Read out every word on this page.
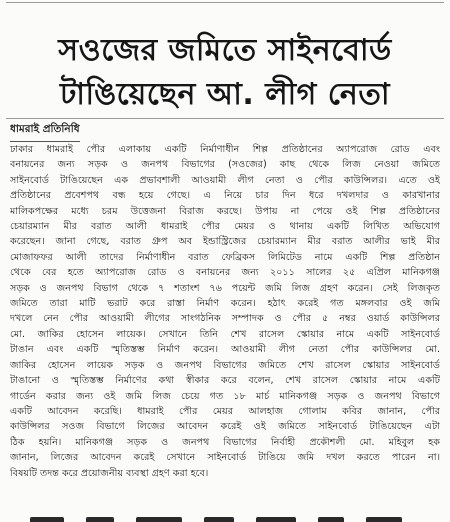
সওজের জমিতে সাইনবোর্ড
টাঙিয়েছেন আ. লীগ নেতা
ধামরাই প্রতিনিধি
ঢাকার ধামরাই পৌর এলাকায় একটি নির্মাণাধীন শিল্প প্রতিষ্ঠানের অ্যাপরোজ রোড এবং
বনায়নের জন্য সড়ক ও জনপথ বিভাগের (সওজের) কাছ থেকে লিজ নেওয়া জমিতে
সাইনবোর্ড টাঙিয়েছেন এক প্রভাবশালী আওয়ামী লীগ নেতা ও পৌর কাউন্সিলর। এতে ওই
প্রতিষ্ঠানের প্রবেশপথ বন্ধ হয়ে গেছে। এ নিয়ে চার দিন ধরে দখলদার ও কারখানার
মালিকপক্ষের মধ্যে চরম উত্তেজনা বিরাজ করছে। উপায় না পেয়ে ওই শিল্প প্রতিষ্ঠানের
চেয়ারম্যান মীর বরাত আলী ধামরাই পৌর মেয়র ও থানায় একটি লিখিত অভিযোগ
করেছেন। জানা গেছে, বরাত গ্রুপ অব ইন্ডাস্ট্রিজের চেয়ারম্যান মীর বরাত আলীর ভাই মীর
মোজাফফর আলী তাদের নির্মাণাধীন বরাত ফেব্রিকস লিমিটেড নামে একটি শিল্প প্রতিষ্ঠান
থেকে বের হতে অ্যাপরোজ রোড ও বনায়নের জন্য ২০১১ সালের ২৫ এপ্রিল মানিকগঞ্জ
সড়ক ও জনপথ বিভাগ থেকে ৭ শতাংশ ৭৬ পয়েন্ট জমি লিজ গ্রহণ করেন। সেই লিজকৃত
জমিতে তারা মাটি ভরাট করে রাস্তা নির্মাণ করেন। হঠাৎ করেই গত মঙ্গলবার ওই জমি
দখলে নেন পৌর আওয়ামী লীগের সাংগঠনিক সম্পাদক ও পৌর ৫ নম্বর ওয়ার্ড কাউন্সিলর
মো. জাকির হোসেন লায়েক। সেখানে তিনি শেখ রাসেল স্কোয়ার নামে একটি সাইনবোর্ড
টাঙান এবং একটি স্মৃতিস্তম্ভ নির্মাণ করেন। আওয়ামী লীগ নেতা পৌর কাউন্সিলর মো.
জাকির হোসেন লায়েক সড়ক ও জনপথ বিভাগের জমিতে শেখ রাসেল স্কোয়ার সাইনবোর্ড
টাঙানো ও স্মৃতিস্তম্ভ নির্মাণের কথা স্বীকার করে বলেন, শেখ রাসেল স্কোয়ার নামে একটি
গার্ডেন করার জন্য ওই জমি লিজ চেয়ে গত ১৮ মার্চ মানিকগঞ্জ সড়ক ও জনপথ বিভাগে
একটি আবেদন করেছি। ধামরাই পৌর মেয়র আলহাজ গোলাম কবির জানান, পৌর
কাউন্সিলর সওজ বিভাগে লিজের আবেদন করেই ওই জমিতে সাইনবোর্ড টাঙিয়েছেন এটা
ঠিক হয়নি। মানিকগঞ্জ সড়ক ও জনপথ বিভাগের নির্বাহী প্রকৌশলী মো. মহিবুল হক
জানান, লিজের আবেদন করেই সেখানে সাইনবোর্ড টাঙিয়ে জমি দখল করতে পারেন না।
বিষয়টি তদন্ত করে প্রয়োজনীয় ব্যবস্থা গ্রহণ করা হবে।
